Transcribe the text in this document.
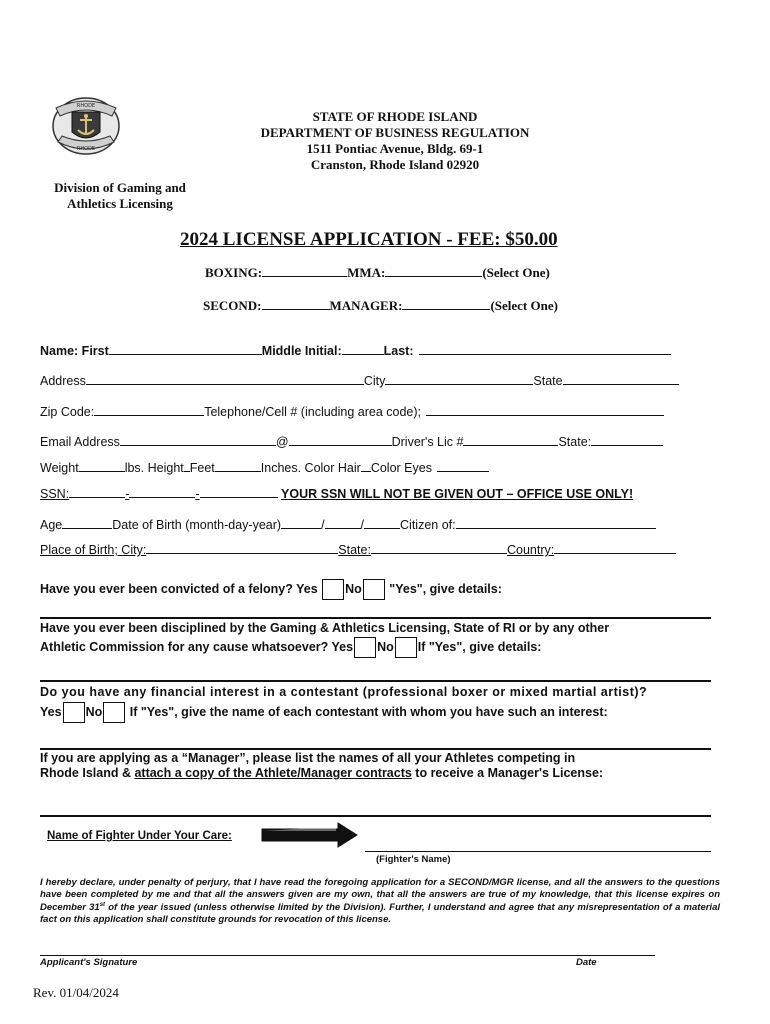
RHODE
RHODE
STATE OF RHODE ISLAND
DEPARTMENT OF BUSINESS REGULATION
1511 Pontiac Avenue, Bldg. 69-1
Cranston, Rhode Island 02920
Division of Gaming and
Athletics Licensing
2024 LICENSE APPLICATION - FEE: $50.00
BOXING:	MMA:	(Select One)
SECOND:	MANAGER:	(Select One)
Name: First	Middle Initial:	Last:
Address	City	State
Zip Code:	Telephone/Cell # (including area code);
Email Address	@	Driver's Lic #	State:
Weight	lbs. Height Feet	Inches. Color Hair Color Eyes
SSN:	-	-	YOUR SSN WILL NOT BE GIVEN OUT – OFFICE USE ONLY!
Age	Date of Birth (month-day-year)	/	/	Citizen of:
Place of Birth; City:	State:	Country:
Have you ever been convicted of a felony? Yes No "Yes", give details:
Have you ever been disciplined by the Gaming & Athletics Licensing, State of RI or by any other
Athletic Commission for any cause whatsoever? Yes No If "Yes", give details:
Do you have any financial interest in a contestant (professional boxer or mixed martial artist)?
Yes No If "Yes", give the name of each contestant with whom you have such an interest:
If you are applying as a “Manager”, please list the names of all your Athletes competing in
Rhode Island & attach a copy of the Athlete/Manager contracts to receive a Manager's License:
Name of Fighter Under Your Care:
(Fighter's Name)
I hereby declare, under penalty of perjury, that I have read the foregoing application for a SECOND/MGR license, and all the answers to the questions have been completed by me and that all the answers given are my own, that all the answers are true of my knowledge, that this license expires on December 31st of the year issued (unless otherwise limited by the Division). Further, I understand and agree that any misrepresentation of a material fact on this application shall constitute grounds for revocation of this license.
Applicant's Signature	Date
Rev. 01/04/2024
